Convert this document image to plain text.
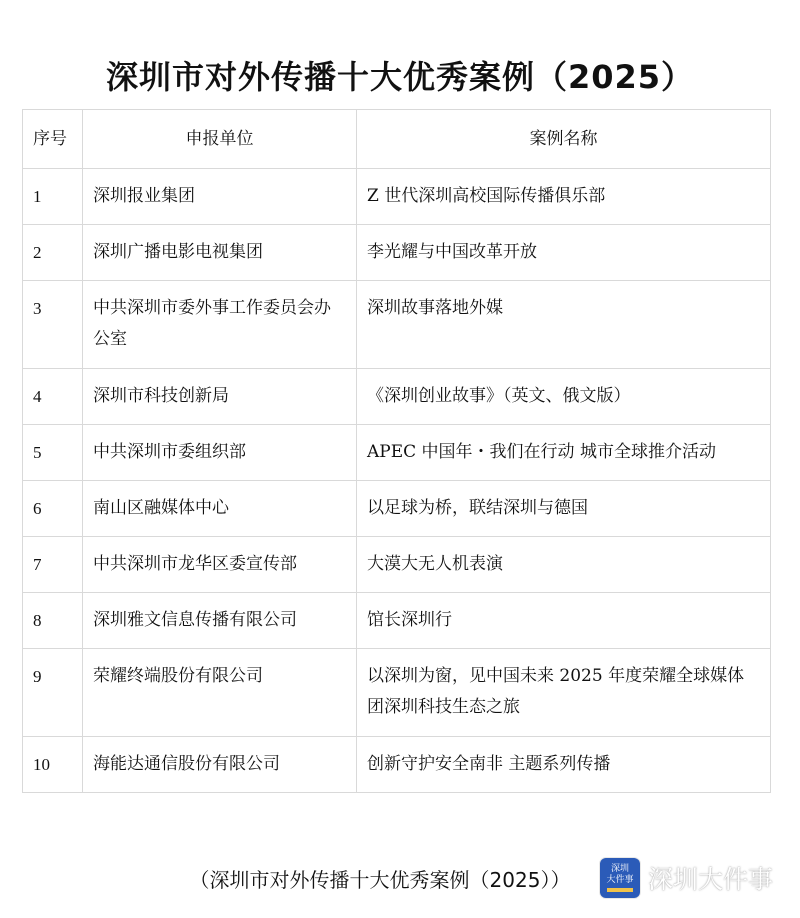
深圳市对外传播十大优秀案例（2025）
序号	申报单位	案例名称
1	深圳报业集团	Z 世代深圳高校国际传播俱乐部
2	深圳广播电影电视集团	李光耀与中国改革开放
3	中共深圳市委外事工作委员会办公室	深圳故事落地外媒
4	深圳市科技创新局	《深圳创业故事》（英文、俄文版）
5	中共深圳市委组织部	APEC 中国年・我们在行动 城市全球推介活动
6	南山区融媒体中心	以足球为桥，联结深圳与德国
7	中共深圳市龙华区委宣传部	大漠大无人机表演
8	深圳雅文信息传播有限公司	馆长深圳行
9	荣耀终端股份有限公司	以深圳为窗，见中国未来 2025 年度荣耀全球媒体团深圳科技生态之旅
10	海能达通信股份有限公司	创新守护安全南非 主题系列传播
（深圳市对外传播十大优秀案例（2025））	深圳
大件事 深圳大件事
